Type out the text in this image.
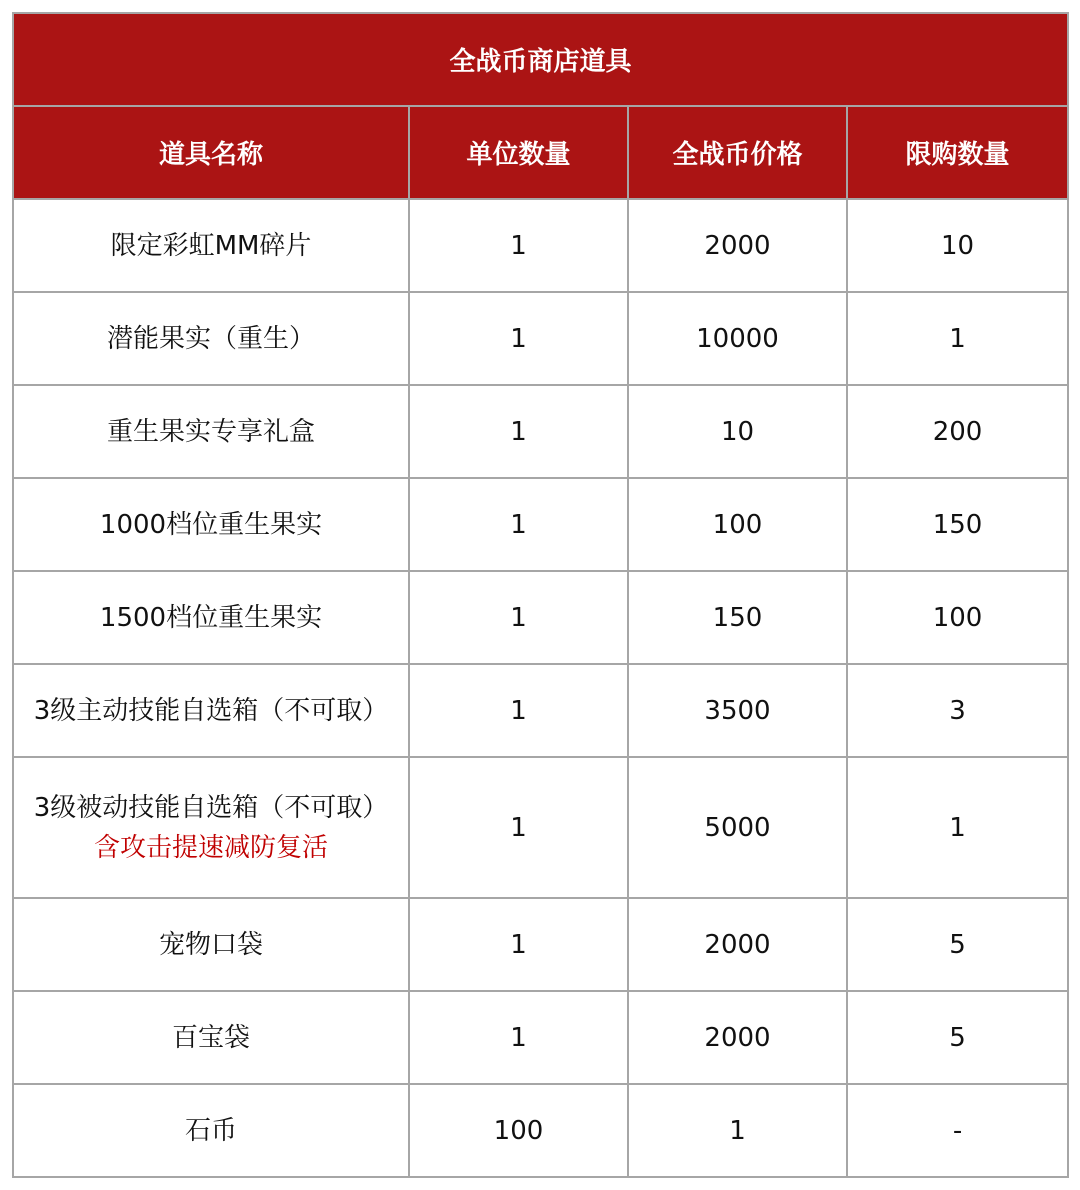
全战币商店道具			
道具名称	单位数量	全战币价格	限购数量

限定彩虹MM碎片	1	2000	10

潜能果实（重生）	1	10000	1

重生果实专享礼盒	1	10	200

1000档位重生果实	1	100	150

1500档位重生果实	1	150	100

3级主动技能自选箱（不可取）	1	3500	3

3级被动技能自选箱（不可取）
含攻击提速减防复活	1	5000	1

宠物口袋	1	2000	5

百宝袋	1	2000	5

石币	100	1	-
